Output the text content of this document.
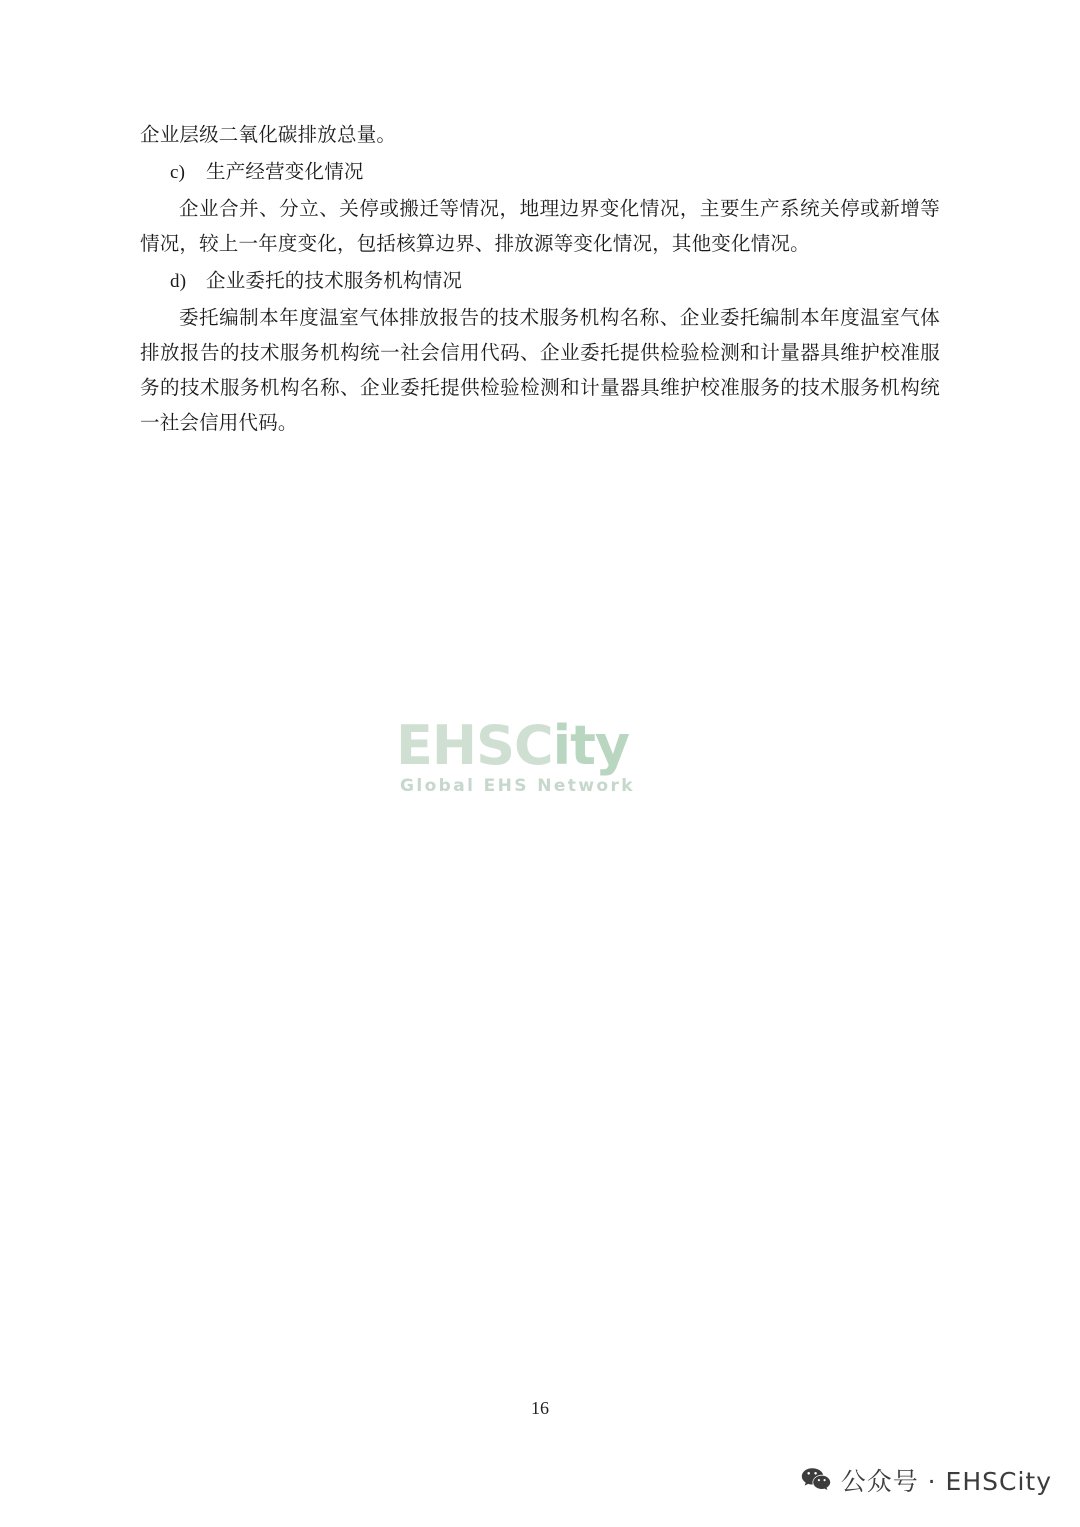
企业层级二氧化碳排放总量。

c)	生产经营变化情况

企业合并、分立、关停或搬迁等情况，地理边界变化情况，主要生产系统关停或新增等情况，较上一年度变化，包括核算边界、排放源等变化情况，其他变化情况。

d)	企业委托的技术服务机构情况

委托编制本年度温室气体排放报告的技术服务机构名称、企业委托编制本年度温室气体排放报告的技术服务机构统一社会信用代码、企业委托提供检验检测和计量器具维护校准服务的技术服务机构名称、企业委托提供检验检测和计量器具维护校准服务的技术服务机构统一社会信用代码。

EHSCity
Global EHS Network
16
公众号 · EHSCity
